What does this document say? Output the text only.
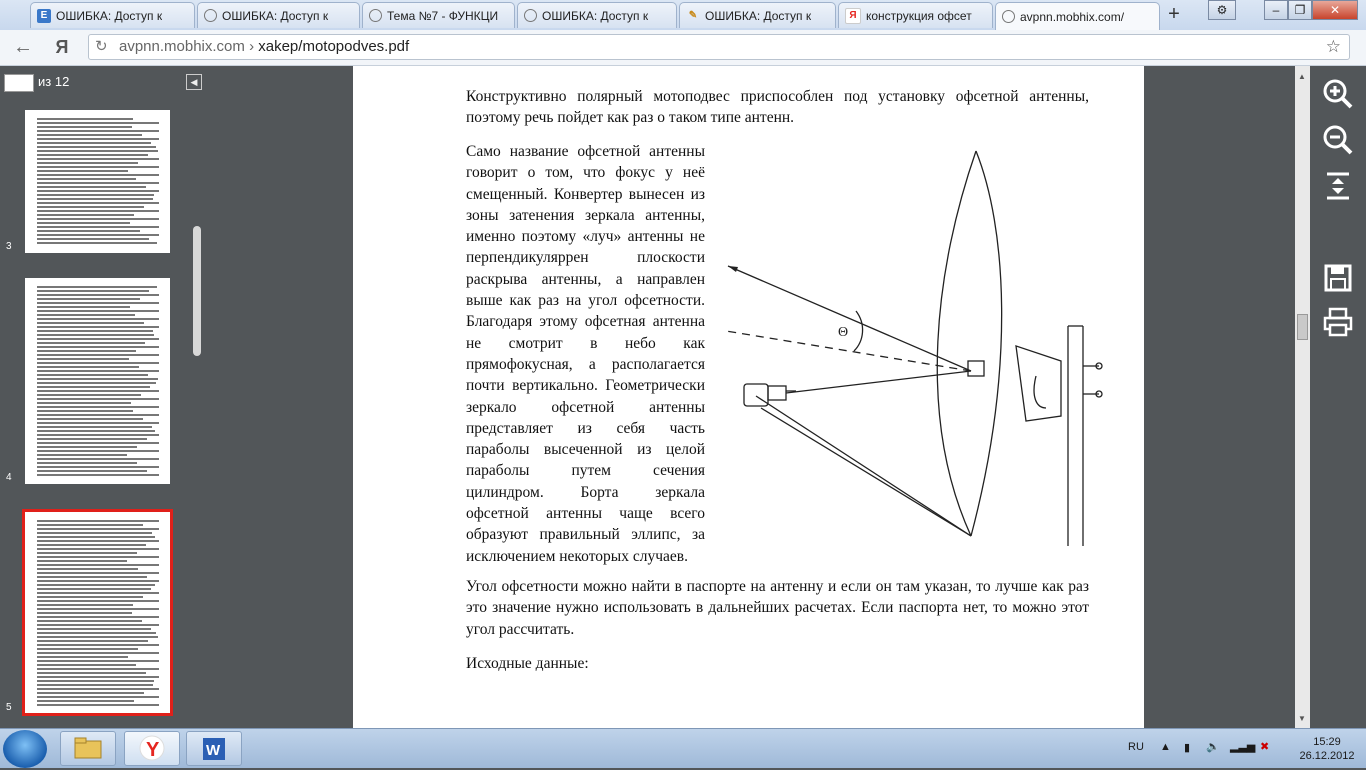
E ОШИБКА: Доступ к	ОШИБКА: Доступ к	Тема №7 - ФУНКЦИ	ОШИБКА: Доступ к	✎ ОШИБКА: Доступ к	Я конструкция офсет	avpnn.mobhix.com/ +	⚙	–	❐	✕
← Я ↻ avpnn.mobhix.com › xakep/motopodves.pdf	☆
из 12	◀
3
4
5
Конструктивно полярный мотоподвес приспособлен под установку офсетной антенны, поэтому речь пойдет как раз о таком типе антенн.
Само название офсетной антенны говорит о том, что фокус у неё смещенный. Конвертер вынесен из зоны затенения зеркала антенны, именно поэтому «луч» антенны не перпендикуляррен плоскости раскрыва антенны, а направлен выше как раз на угол офсетности. Благодаря этому офсетная антенна не смотрит в небо как прямофокусная, а располагается почти вертикально. Геометрически зеркало офсетной антенны представляет из себя часть параболы высеченной из целой параболы путем сечения цилиндром. Борта зеркала офсетной антенны чаще всего образуют правильный эллипс, за исключением некоторых случаев.
Θ
Угол офсетности можно найти в паспорте на антенну и если он там указан, то лучше как раз это значение нужно использовать в дальнейших расчетах. Если паспорта нет, то можно этот угол рассчитать.
Исходные данные:
▲
▼
Y	W	RU ▲ ▮ 🔈 ▂▃▅ ✖	15:29
26.12.2012
